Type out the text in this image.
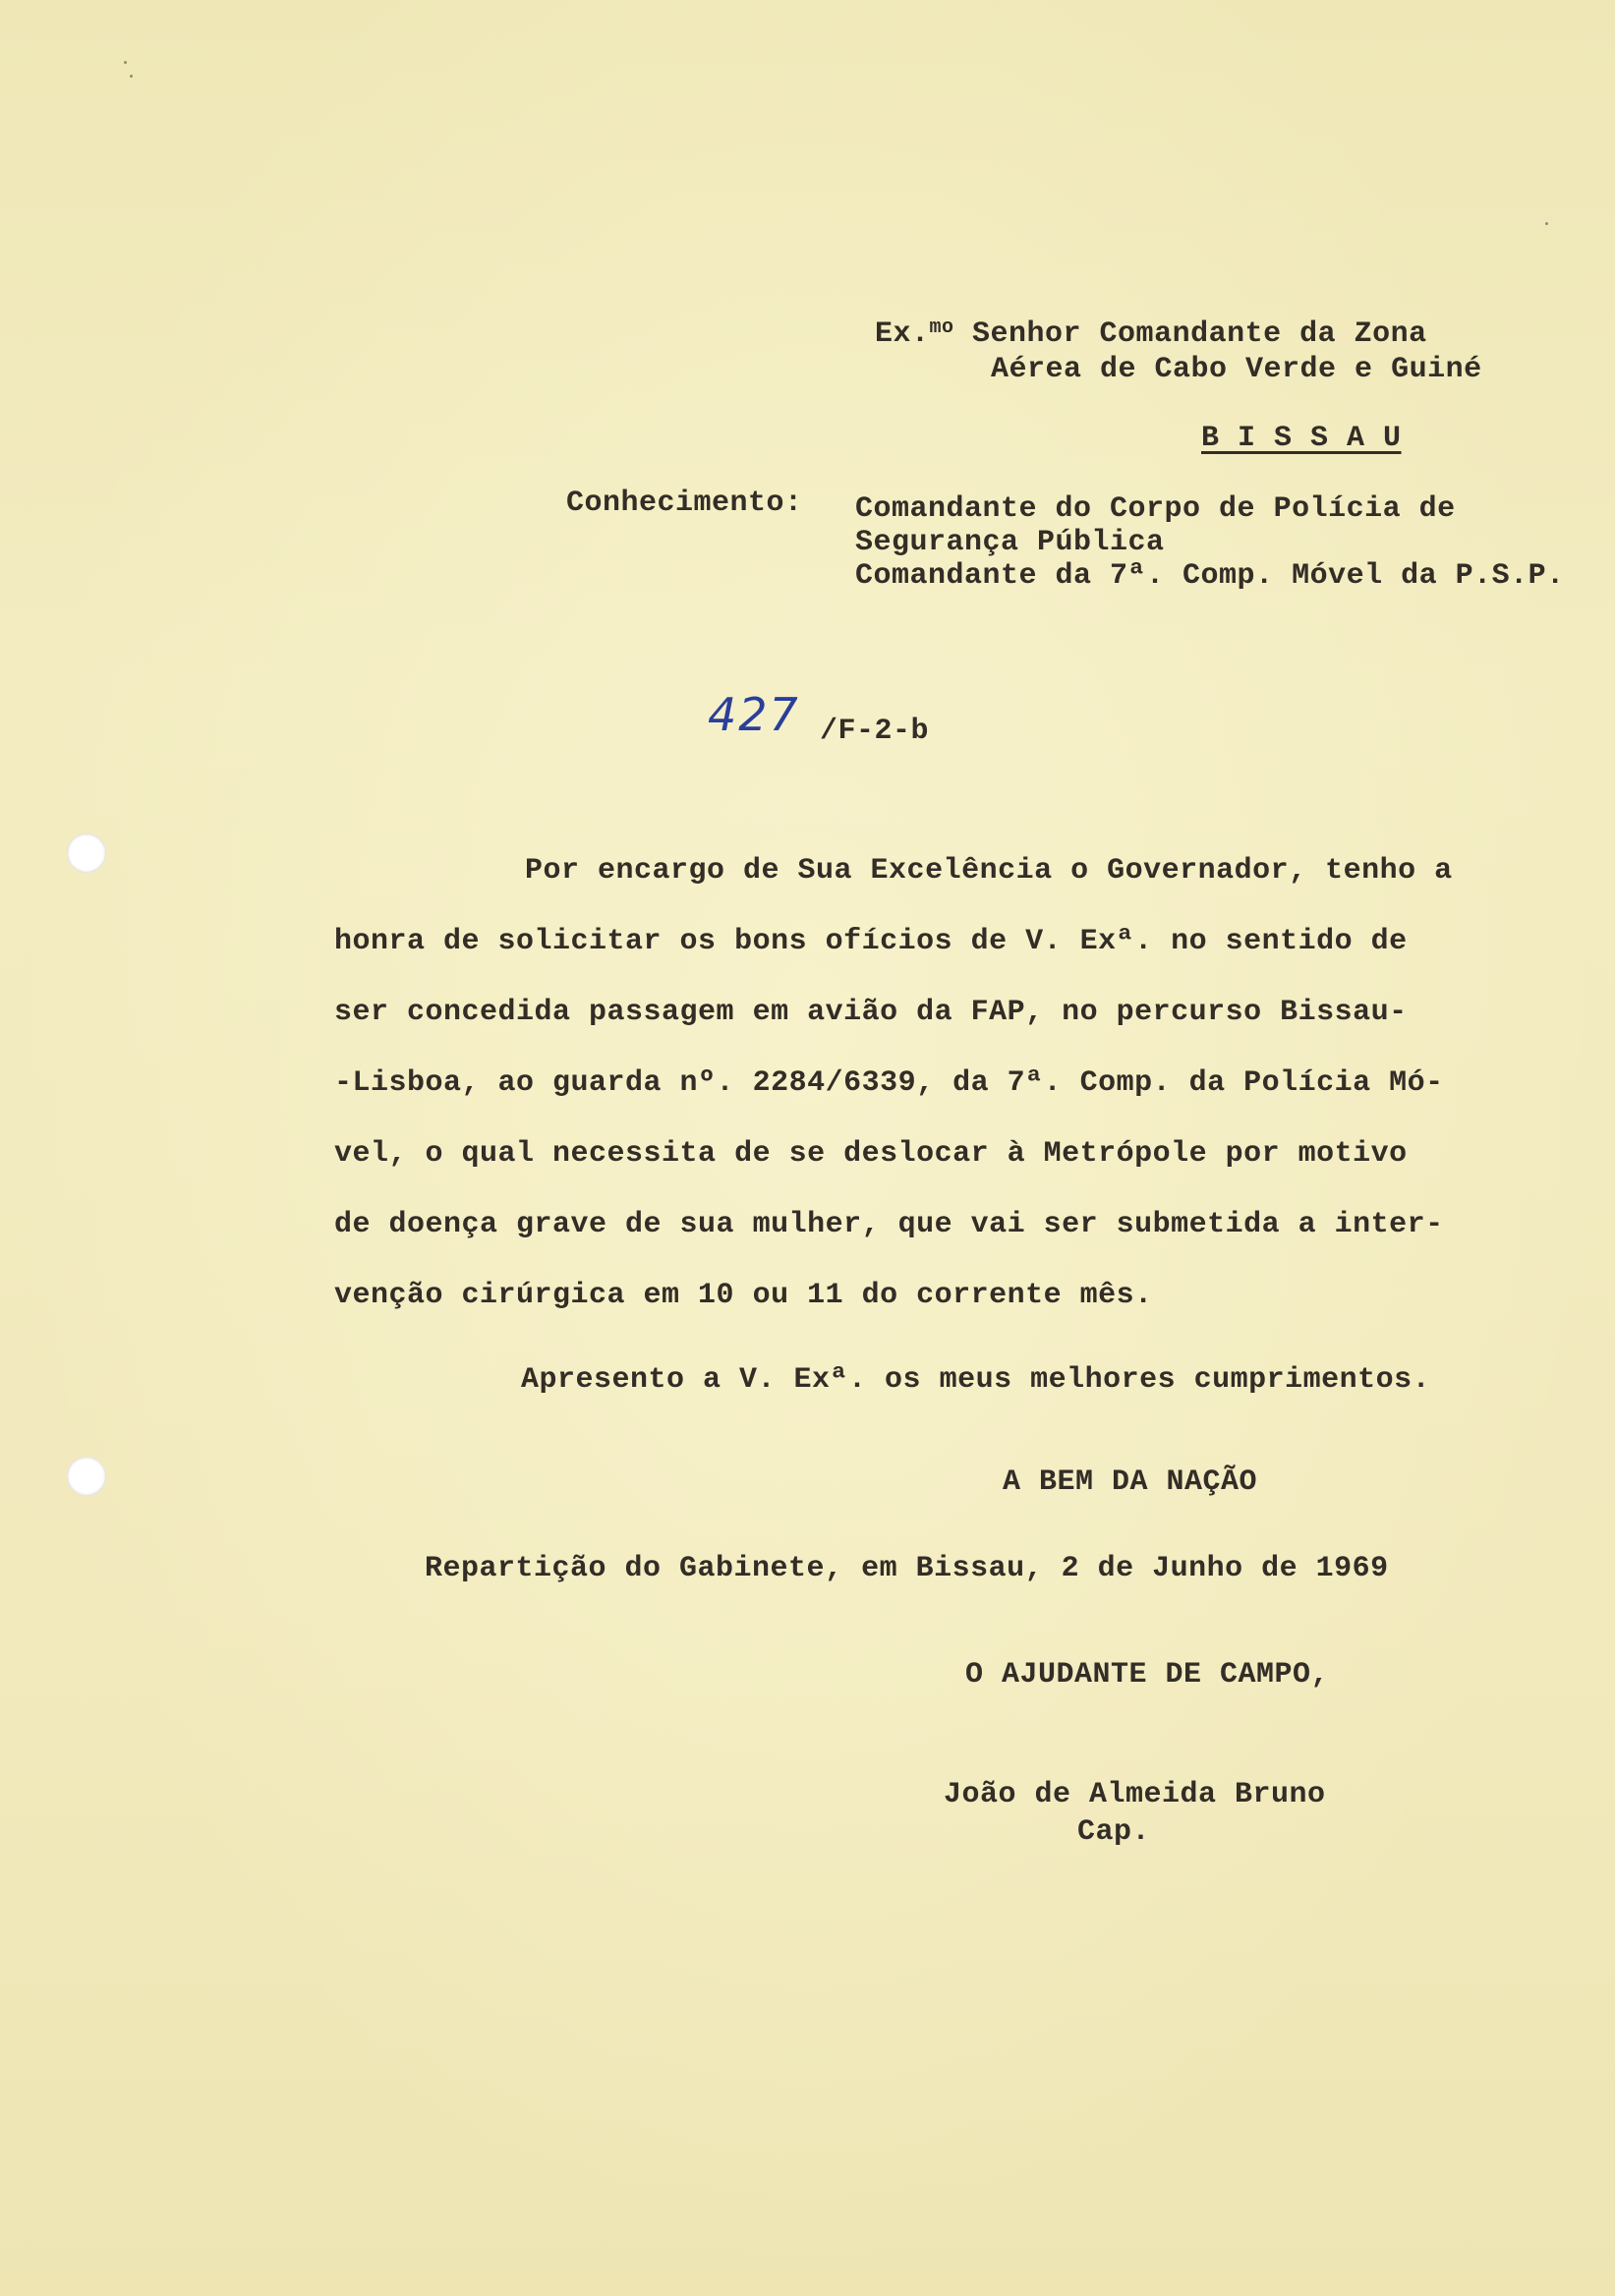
Ex.$^{mo}$ Senhor Comandante da Zona
Aérea de Cabo Verde e Guiné
B I S S A U
Conhecimento: Comandante do Corpo de Polícia de
Segurança Pública
Comandante da 7ª. Comp. Móvel da P.S.P.
427 /F-2-b
Por encargo de Sua Excelência o Governador, tenho a
honra de solicitar os bons ofícios de V. Exª. no sentido de
ser concedida passagem em avião da FAP, no percurso Bissau-
-Lisboa, ao guarda nº. 2284/6339, da 7ª. Comp. da Polícia Mó-
vel, o qual necessita de se deslocar à Metrópole por motivo
de doença grave de sua mulher, que vai ser submetida a inter-
venção cirúrgica em 10 ou 11 do corrente mês.
Apresento a V. Exª. os meus melhores cumprimentos.
A BEM DA NAÇÃO
Repartição do Gabinete, em Bissau, 2 de Junho de 1969
O AJUDANTE DE CAMPO,
João de Almeida Bruno
Cap.
